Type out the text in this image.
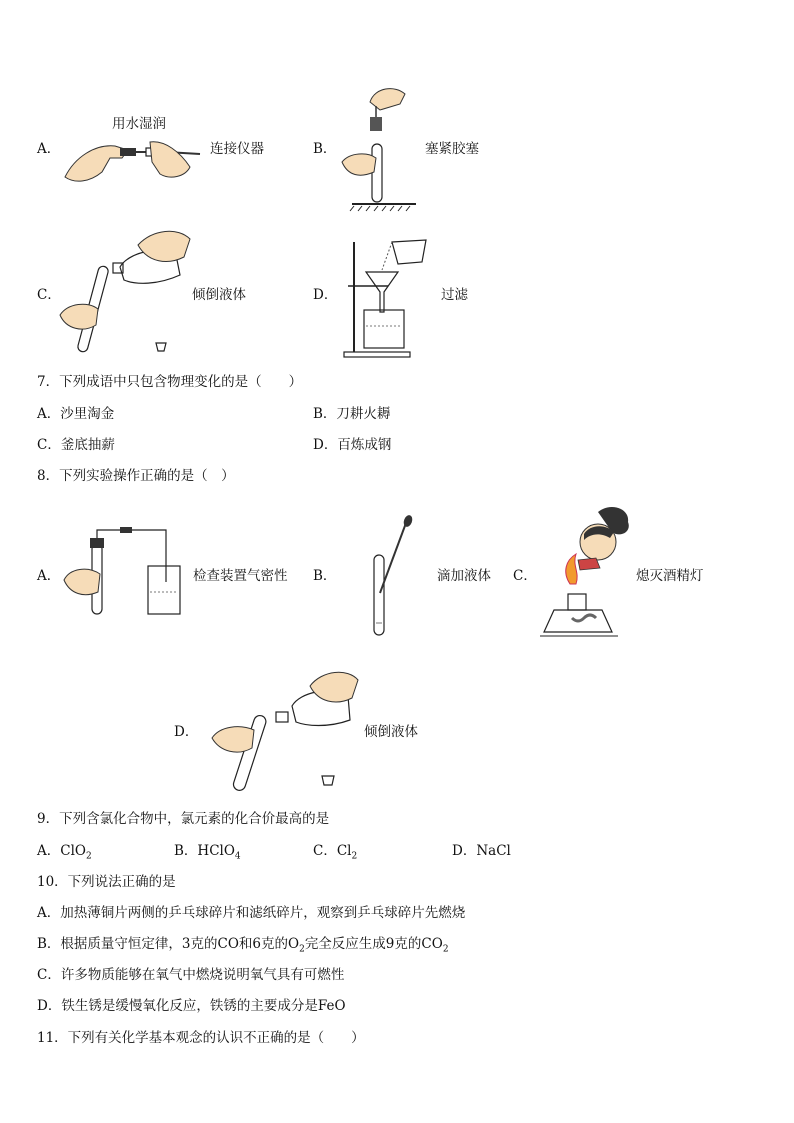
A．
用水湿润
连接仪器	B．	塞紧胶塞
C．	倾倒液体	D．	过滤
7．下列成语中只包含物理变化的是（　　）
A．沙里淘金	B．刀耕火耨
C．釜底抽薪	D．百炼成钢
8．下列实验操作正确的是（　）
A．	检查装置气密性 B．	滴加液体 C．	熄灭酒精灯
D．	倾倒液体
9．下列含氯化合物中，氯元素的化合价最高的是
A．ClO$_2$	B．HClO$_4$	C．$Cl_2$	D．NaCl
10．下列说法正确的是
A．加热薄铜片两侧的乒乓球碎片和滤纸碎片，观察到乒乓球碎片先燃烧
B．根据质量守恒定律，3克的CO和6克的$O_2$完全反应生成9克的$CO_2$
C．许多物质能够在氧气中燃烧说明氧气具有可燃性
D．铁生锈是缓慢氧化反应，铁锈的主要成分是FeO
11．下列有关化学基本观念的认识不正确的是（　　）
